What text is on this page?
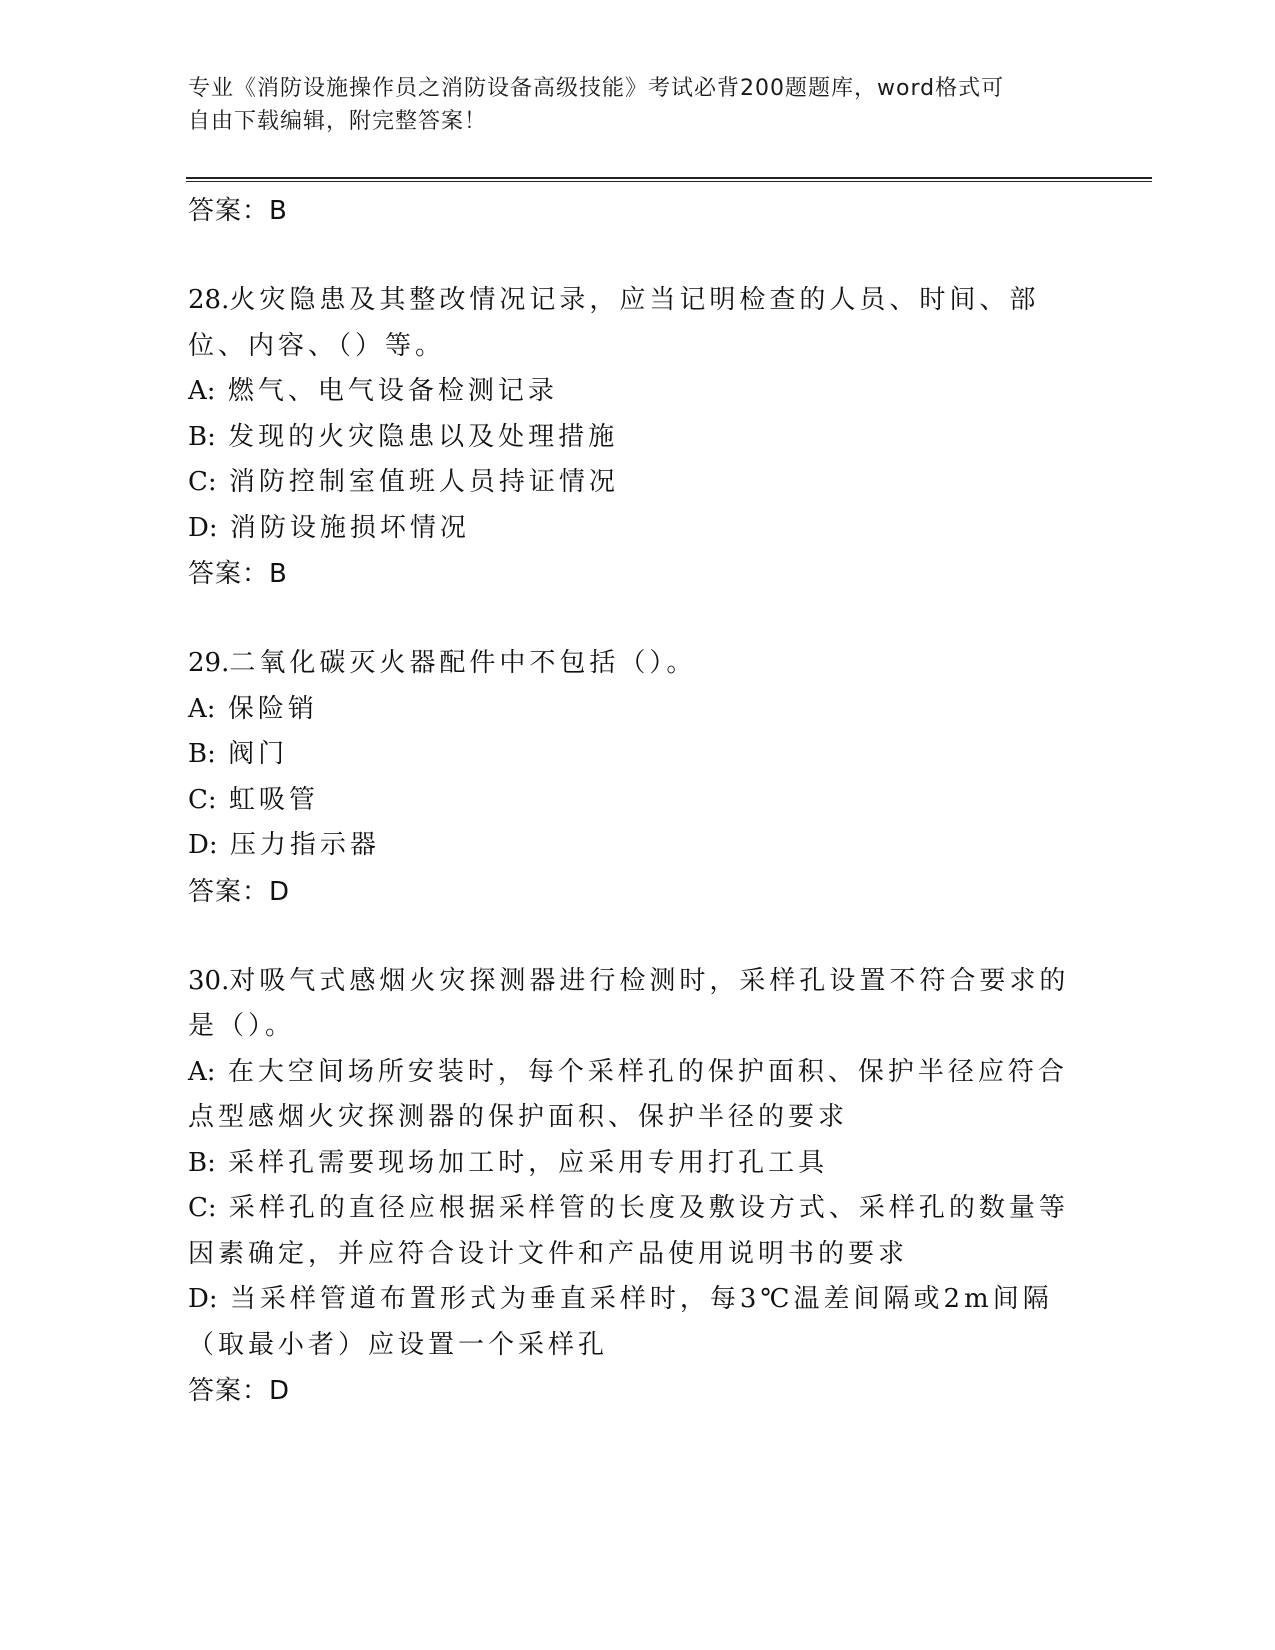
专业《消防设施操作员之消防设备高级技能》考试必背200题题库，word格式可
自由下载编辑，附完整答案！
答案：B
28.火灾隐患及其整改情况记录，应当记明检查的人员、时间、部位、内容、（）等。
A: 燃气、电气设备检测记录
B: 发现的火灾隐患以及处理措施
C: 消防控制室值班人员持证情况
D: 消防设施损坏情况
答案：B
29.二氧化碳灭火器配件中不包括（）。
A: 保险销
B: 阀门
C: 虹吸管
D: 压力指示器
答案：D
30.对吸气式感烟火灾探测器进行检测时，采样孔设置不符合要求的是（）。
A: 在大空间场所安装时，每个采样孔的保护面积、保护半径应符合点型感烟火灾探测器的保护面积、保护半径的要求
B: 采样孔需要现场加工时，应采用专用打孔工具
C: 采样孔的直径应根据采样管的长度及敷设方式、采样孔的数量等因素确定，并应符合设计文件和产品使用说明书的要求
D: 当采样管道布置形式为垂直采样时，每3℃温差间隔或2m间隔（取最小者）应设置一个采样孔
答案：D
